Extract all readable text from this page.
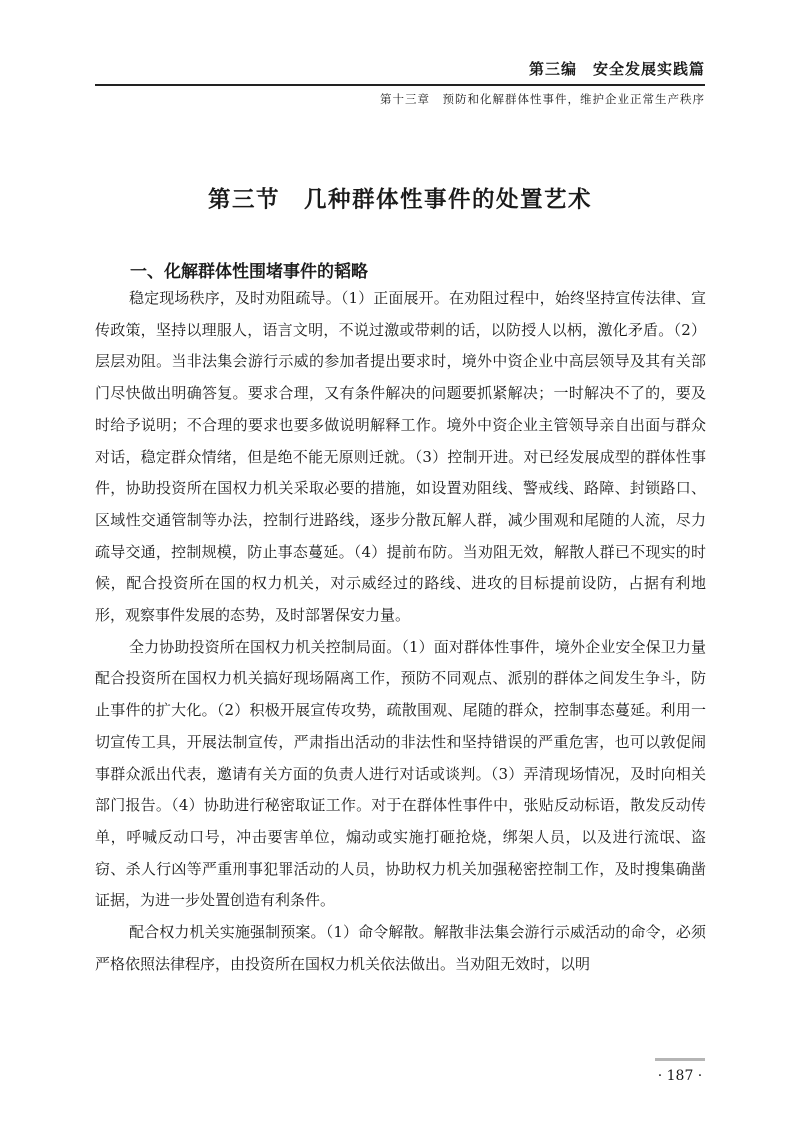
第三编　安全发展实践篇
第十三章　预防和化解群体性事件，维护企业正常生产秩序
第三节　几种群体性事件的处置艺术
一、化解群体性围堵事件的韬略

稳定现场秩序，及时劝阻疏导。（1）正面展开。在劝阻过程中，始终坚持宣传法律、宣传政策，坚持以理服人，语言文明，不说过激或带刺的话，以防授人以柄，激化矛盾。（2）层层劝阻。当非法集会游行示威的参加者提出要求时，境外中资企业中高层领导及其有关部门尽快做出明确答复。要求合理，又有条件解决的问题要抓紧解决；一时解决不了的，要及时给予说明；不合理的要求也要多做说明解释工作。境外中资企业主管领导亲自出面与群众对话，稳定群众情绪，但是绝不能无原则迁就。（3）控制开进。对已经发展成型的群体性事件，协助投资所在国权力机关采取必要的措施，如设置劝阻线、警戒线、路障、封锁路口、区域性交通管制等办法，控制行进路线，逐步分散瓦解人群，减少围观和尾随的人流，尽力疏导交通，控制规模，防止事态蔓延。（4）提前布防。当劝阻无效，解散人群已不现实的时候，配合投资所在国的权力机关，对示威经过的路线、进攻的目标提前设防，占据有利地形，观察事件发展的态势，及时部署保安力量。

全力协助投资所在国权力机关控制局面。（1）面对群体性事件，境外企业安全保卫力量配合投资所在国权力机关搞好现场隔离工作，预防不同观点、派别的群体之间发生争斗，防止事件的扩大化。（2）积极开展宣传攻势，疏散围观、尾随的群众，控制事态蔓延。利用一切宣传工具，开展法制宣传，严肃指出活动的非法性和坚持错误的严重危害，也可以敦促闹事群众派出代表，邀请有关方面的负责人进行对话或谈判。（3）弄清现场情况，及时向相关部门报告。（4）协助进行秘密取证工作。对于在群体性事件中，张贴反动标语，散发反动传单，呼喊反动口号，冲击要害单位，煽动或实施打砸抢烧，绑架人员，以及进行流氓、盗窃、杀人行凶等严重刑事犯罪活动的人员，协助权力机关加强秘密控制工作，及时搜集确凿证据，为进一步处置创造有利条件。

配合权力机关实施强制预案。（1）命令解散。解散非法集会游行示威活动的命令，必须严格依照法律程序，由投资所在国权力机关依法做出。当劝阻无效时，以明

· 187 ·
